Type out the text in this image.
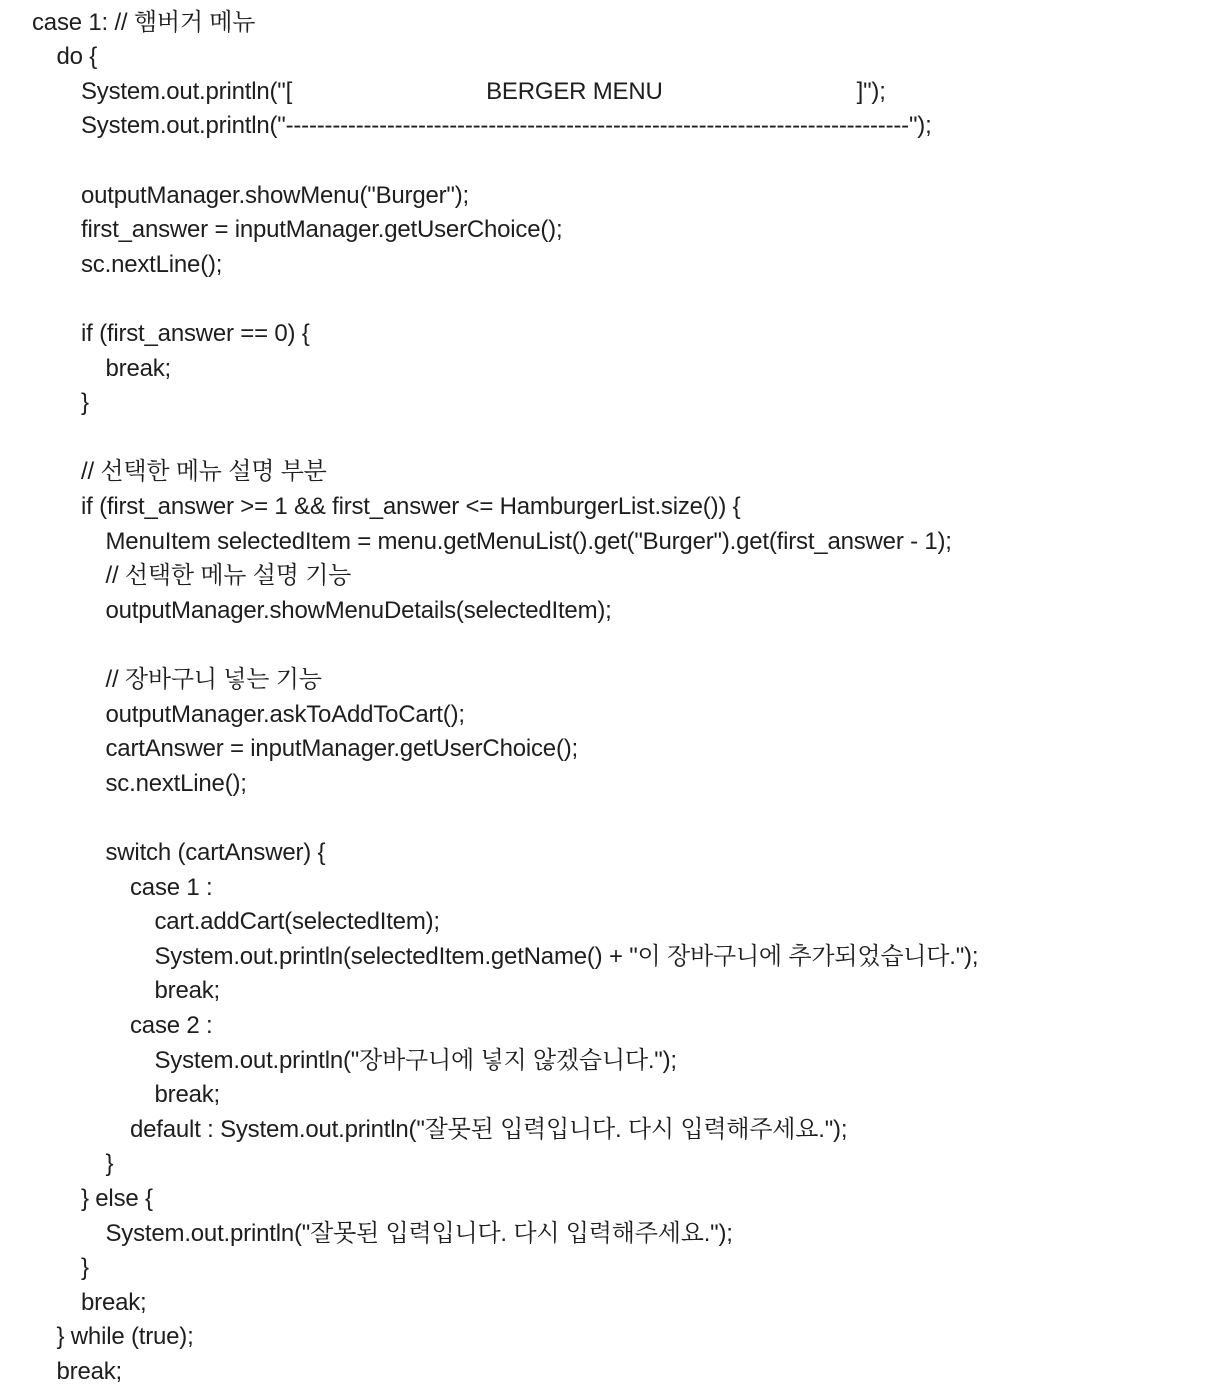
case 1: // 햄버거 메뉴
do {
System.out.println("[                              BERGER MENU                              ]");
System.out.println("--------------------------------------------------------------------------------");
outputManager.showMenu("Burger");
first_answer = inputManager.getUserChoice();
sc.nextLine();
if (first_answer == 0) {
break;
}
// 선택한 메뉴 설명 부분
if (first_answer >= 1 && first_answer <= HamburgerList.size()) {
MenuItem selectedItem = menu.getMenuList().get("Burger").get(first_answer - 1);
// 선택한 메뉴 설명 기능
outputManager.showMenuDetails(selectedItem);
// 장바구니 넣는 기능
outputManager.askToAddToCart();
cartAnswer = inputManager.getUserChoice();
sc.nextLine();
switch (cartAnswer) {
case 1 :
cart.addCart(selectedItem);
System.out.println(selectedItem.getName() + "이 장바구니에 추가되었습니다.");
break;
case 2 :
System.out.println("장바구니에 넣지 않겠습니다.");
break;
default : System.out.println("잘못된 입력입니다. 다시 입력해주세요.");
}
} else {
System.out.println("잘못된 입력입니다. 다시 입력해주세요.");
}
break;
} while (true);
break;
